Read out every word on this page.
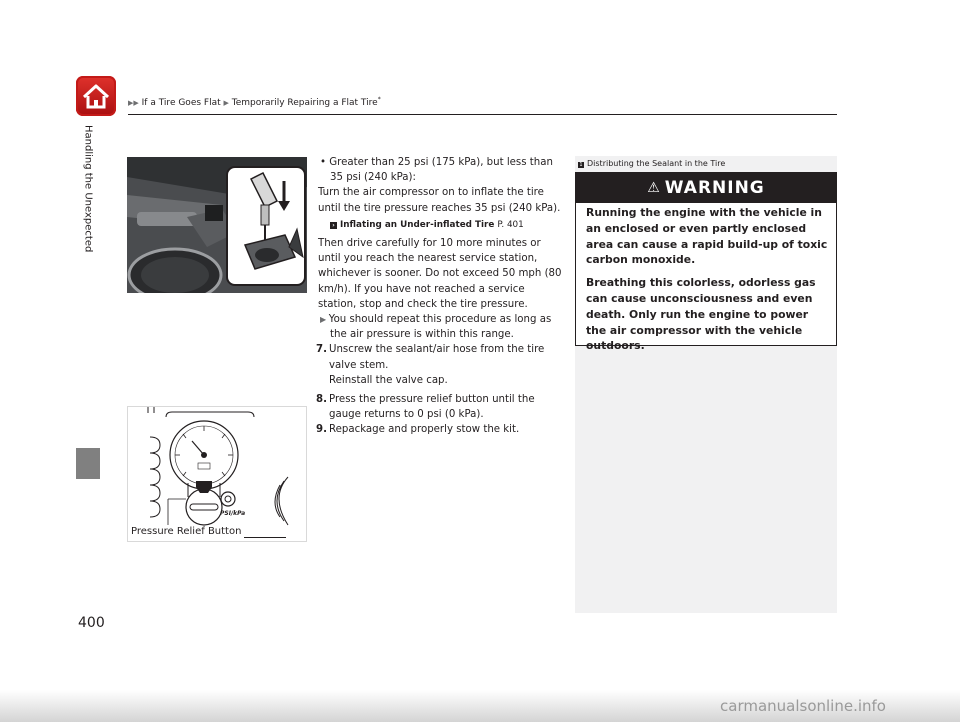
▶▶ If a Tire Goes Flat ▶ Temporarily Repairing a Flat Tire*
Handling the Unexpected
400
PSI/kPa
Pressure Relief Button

• Greater than 25 psi (175 kPa), but less than 35 psi (240 kPa):

Turn the air compressor on to inflate the tire until the tire pressure reaches 35 psi (240 kPa).

› Inflating an Under-inflated Tire P. 401

Then drive carefully for 10 more minutes or until you reach the nearest service station, whichever is sooner. Do not exceed 50 mph (80 km/h). If you have not reached a service station, stop and check the tire pressure.

▶ You should repeat this procedure as long as the air pressure is within this range.

7. Unscrew the sealant/air hose from the tire valve stem.
Reinstall the valve cap.

8. Press the pressure relief button until the gauge returns to 0 psi (0 kPa).

9. Repackage and properly stow the kit.

1 Distributing the Sealant in the Tire
⚠ WARNING

Running the engine with the vehicle in an enclosed or even partly enclosed area can cause a rapid build-up of toxic carbon monoxide.

Breathing this colorless, odorless gas can cause unconsciousness and even death. Only run the engine to power the air compressor with the vehicle outdoors.

carmanualsonline.info
